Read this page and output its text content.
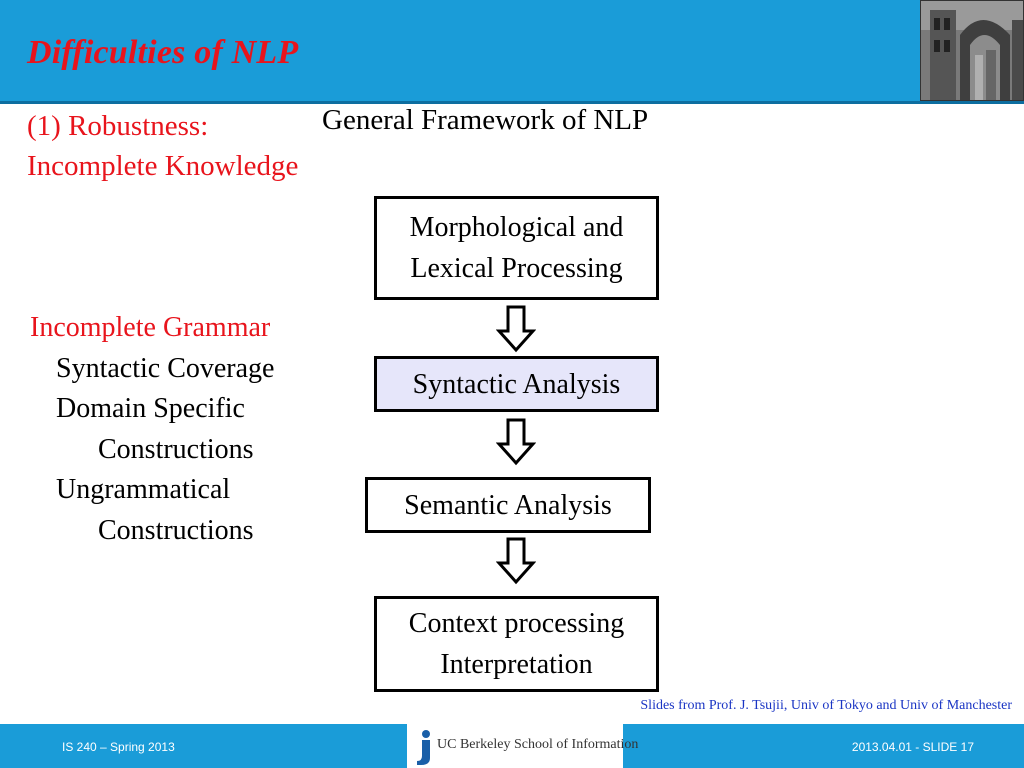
Difficulties of NLP
(1) Robustness:
Incomplete Knowledge
General Framework of NLP
Incomplete Grammar
Syntactic Coverage
Domain Specific
Constructions
Ungrammatical
Constructions
Morphological and
Lexical Processing
Syntactic Analysis
Semantic Analysis
Context processing
Interpretation
Slides from Prof. J. Tsujii, Univ of Tokyo and Univ of Manchester
IS 240 – Spring 2013	UC Berkeley School of Information	2013.04.01 - SLIDE 17
